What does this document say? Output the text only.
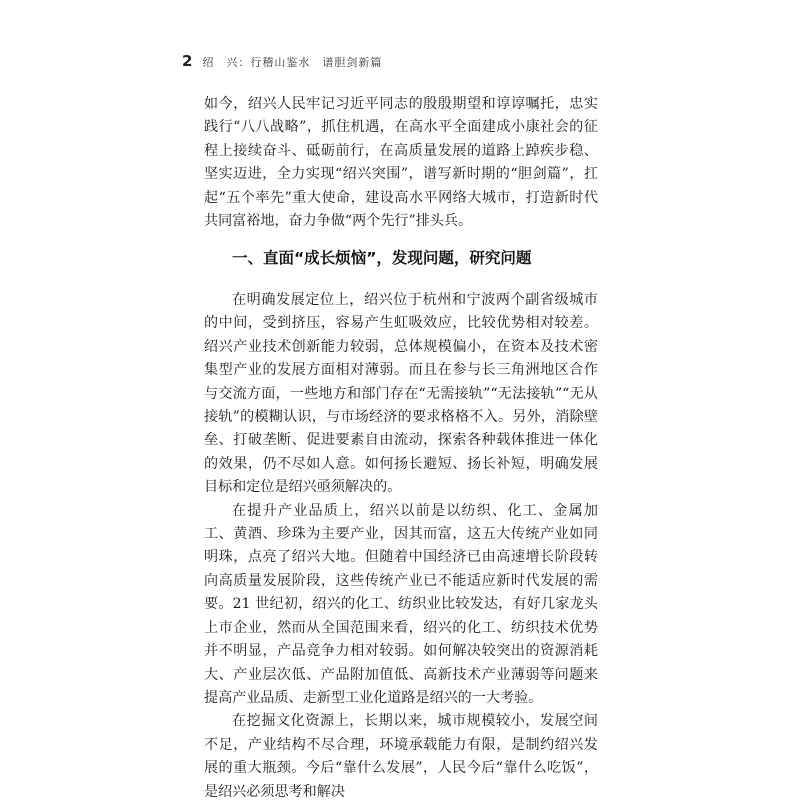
2 绍　兴：行稽山鉴水　谱胆剑新篇

如今，绍兴人民牢记习近平同志的殷殷期望和谆谆嘱托，忠实践行“八八战略”，抓住机遇，在高水平全面建成小康社会的征程上接续奋斗、砥砺前行，在高质量发展的道路上踔疾步稳、坚实迈进，全力实现“绍兴突围”，谱写新时期的“胆剑篇”，扛起“五个率先”重大使命，建设高水平网络大城市，打造新时代共同富裕地，奋力争做“两个先行”排头兵。

一、直面“成长烦恼”，发现问题，研究问题

在明确发展定位上，绍兴位于杭州和宁波两个副省级城市的中间，受到挤压，容易产生虹吸效应，比较优势相对较差。绍兴产业技术创新能力较弱，总体规模偏小，在资本及技术密集型产业的发展方面相对薄弱。而且在参与长三角洲地区合作与交流方面，一些地方和部门存在“无需接轨”“无法接轨”“无从接轨”的模糊认识，与市场经济的要求格格不入。另外，消除壁垒、打破垄断、促进要素自由流动，探索各种载体推进一体化的效果，仍不尽如人意。如何扬长避短、扬长补短，明确发展目标和定位是绍兴亟须解决的。

在提升产业品质上，绍兴以前是以纺织、化工、金属加工、黄酒、珍珠为主要产业，因其而富，这五大传统产业如同明珠，点亮了绍兴大地。但随着中国经济已由高速增长阶段转向高质量发展阶段，这些传统产业已不能适应新时代发展的需要。21 世纪初，绍兴的化工、纺织业比较发达，有好几家龙头上市企业，然而从全国范围来看，绍兴的化工、纺织技术优势并不明显，产品竞争力相对较弱。如何解决较突出的资源消耗大、产业层次低、产品附加值低、高新技术产业薄弱等问题来提高产业品质、走新型工业化道路是绍兴的一大考验。

在挖掘文化资源上，长期以来，城市规模较小，发展空间不足，产业结构不尽合理，环境承载能力有限，是制约绍兴发展的重大瓶颈。今后“靠什么发展”，人民今后“靠什么吃饭”，是绍兴必须思考和解决
